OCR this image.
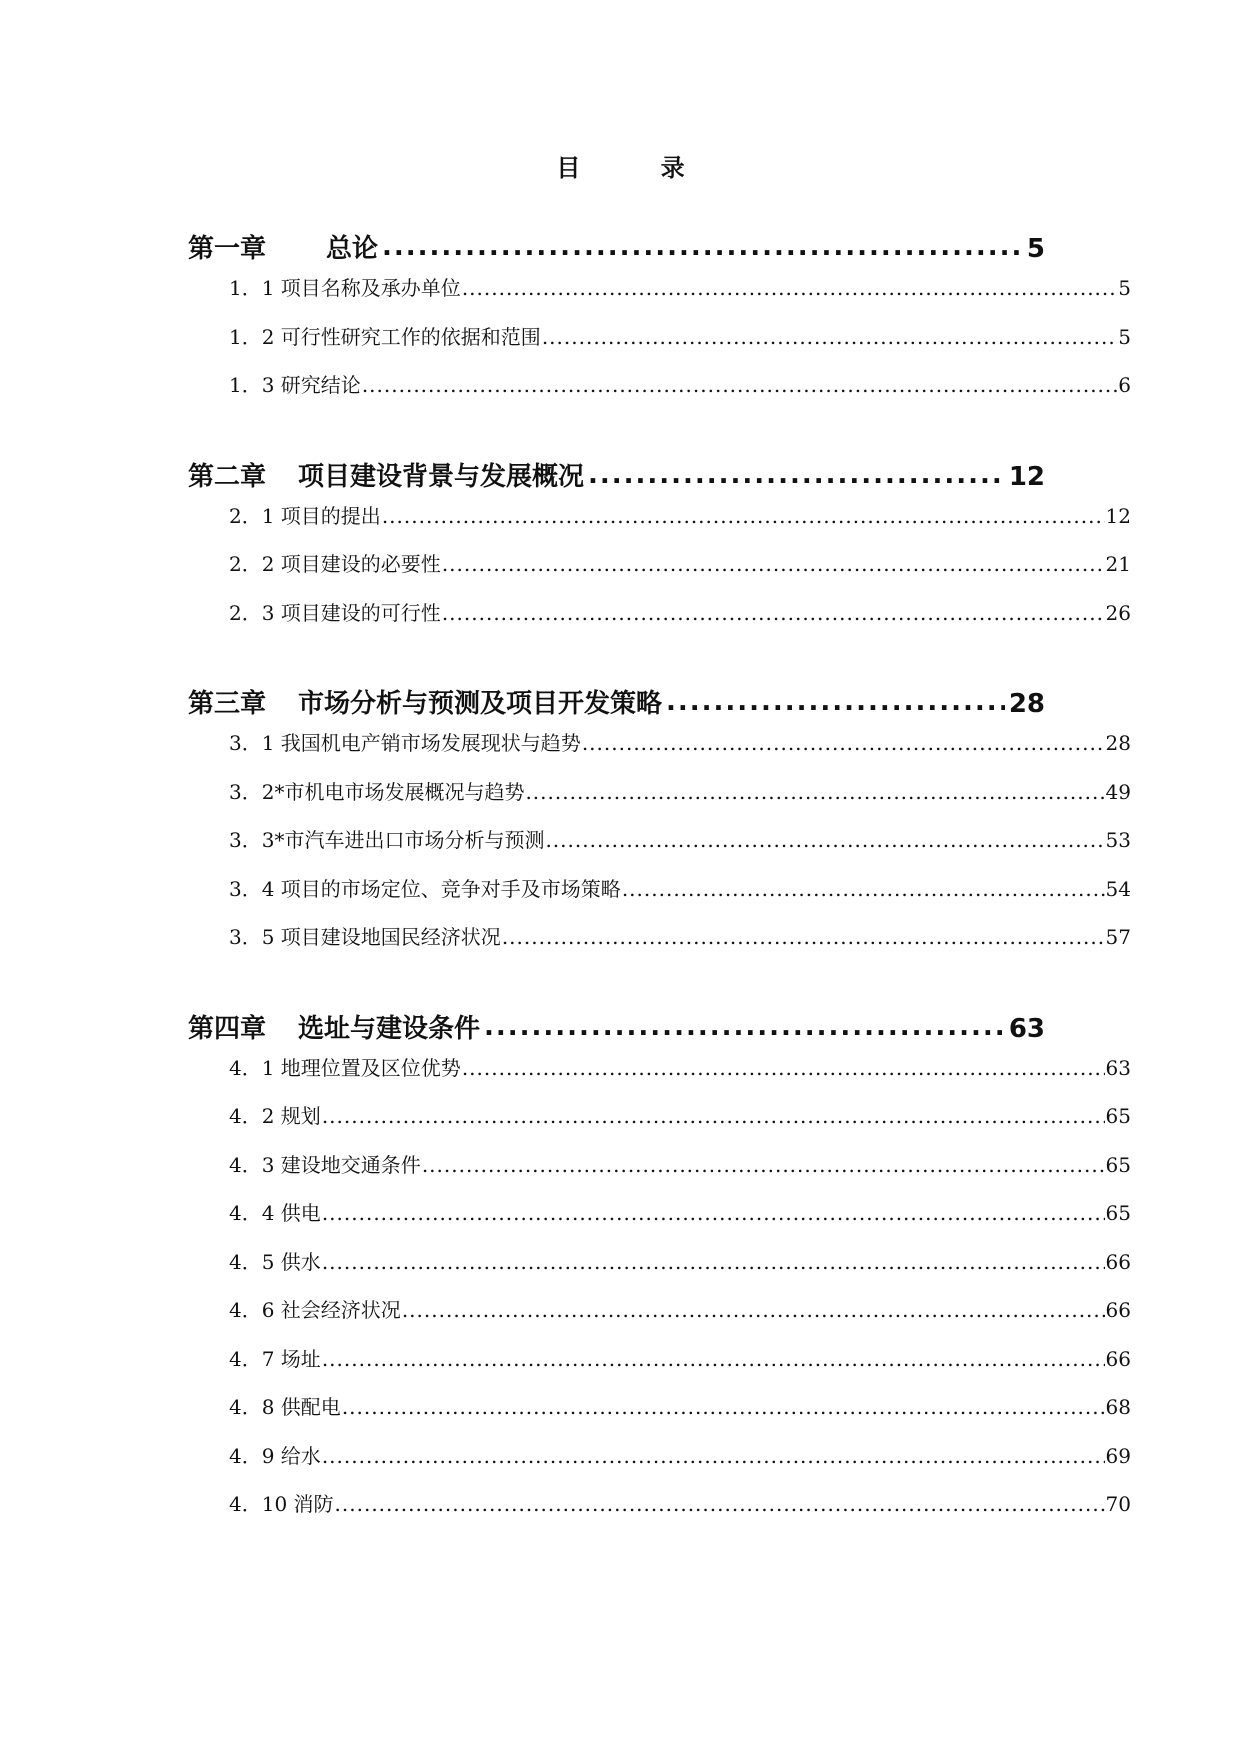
目 录
第一章 总论 .....	5
1．1 项目名称及承办单位 .....	5
1．2 可行性研究工作的依据和范围 .....	5
1．3 研究结论 .....	6
第二章 项目建设背景与发展概况 .....	12
2．1 项目的提出 .....	12
2．2 项目建设的必要性 .....	21
2．3 项目建设的可行性 .....	26
第三章 市场分析与预测及项目开发策略 .....	28
3．1 我国机电产销市场发展现状与趋势 .....	28
3．2*市机电市场发展概况与趋势 .....	49
3．3*市汽车进出口市场分析与预测 .....	53
3．4 项目的市场定位、竞争对手及市场策略 .....	54
3．5 项目建设地国民经济状况 .....	57
第四章 选址与建设条件 .....	63
4．1 地理位置及区位优势 .....	63
4．2 规划 .....	65
4．3 建设地交通条件 .....	65
4．4 供电 .....	65
4．5 供水 .....	66
4．6 社会经济状况 .....	66
4．7 场址 .....	66
4．8 供配电 .....	68
4．9 给水 .....	69
4．10 消防 .....	70
